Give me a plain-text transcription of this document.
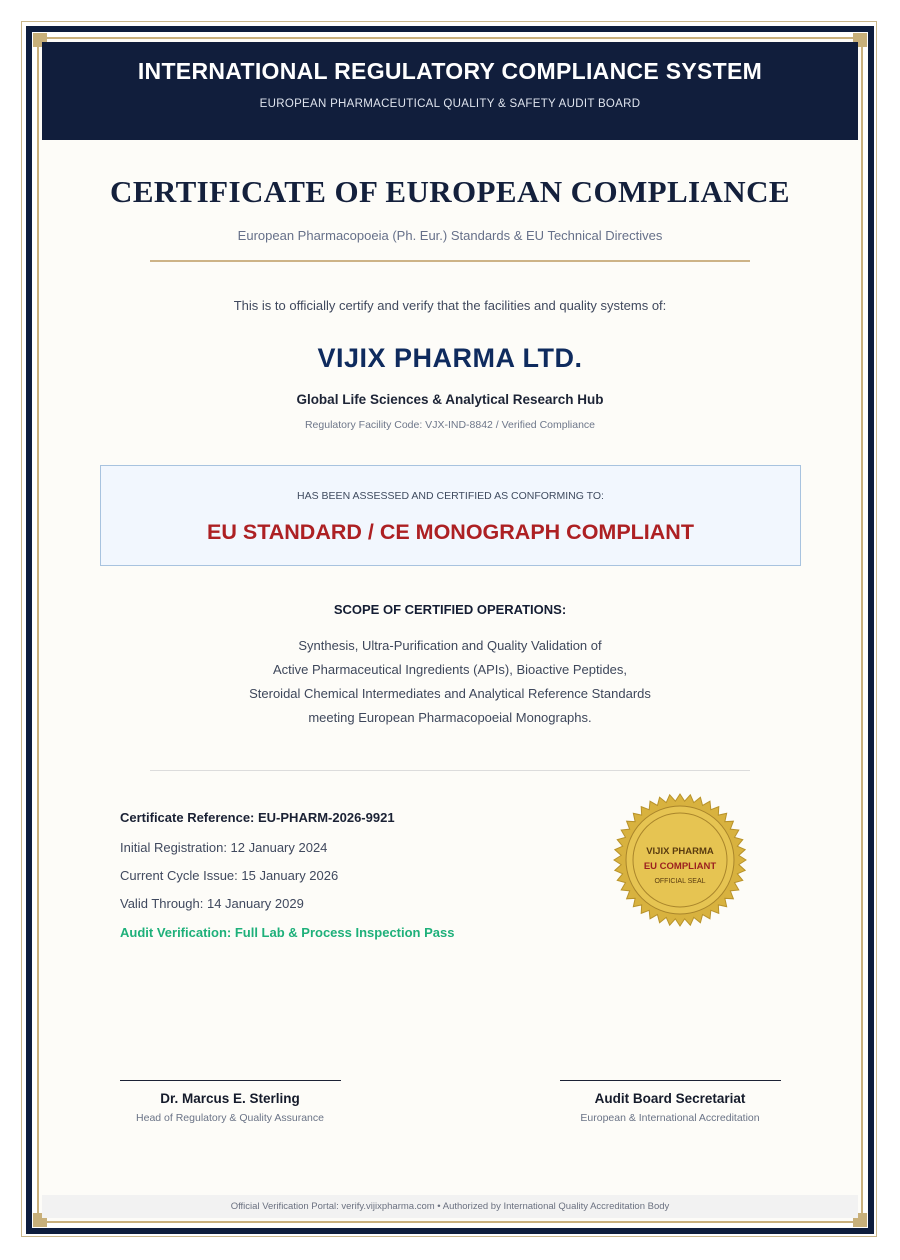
INTERNATIONAL REGULATORY COMPLIANCE SYSTEM
EUROPEAN PHARMACEUTICAL QUALITY & SAFETY AUDIT BOARD
CERTIFICATE OF EUROPEAN COMPLIANCE
European Pharmacopoeia (Ph. Eur.) Standards & EU Technical Directives
This is to officially certify and verify that the facilities and quality systems of:
VIJIX PHARMA LTD.
Global Life Sciences & Analytical Research Hub
Regulatory Facility Code: VJX-IND-8842 / Verified Compliance
HAS BEEN ASSESSED AND CERTIFIED AS CONFORMING TO:
EU STANDARD / CE MONOGRAPH COMPLIANT
SCOPE OF CERTIFIED OPERATIONS:
Synthesis, Ultra-Purification and Quality Validation of
Active Pharmaceutical Ingredients (APIs), Bioactive Peptides,
Steroidal Chemical Intermediates and Analytical Reference Standards
meeting European Pharmacopoeial Monographs.
Certificate Reference: EU-PHARM-2026-9921
Initial Registration: 12 January 2024
Current Cycle Issue: 15 January 2026
Valid Through: 14 January 2029
Audit Verification: Full Lab & Process Inspection Pass
VIJIX PHARMA
EU COMPLIANT
OFFICIAL SEAL
Dr. Marcus E. Sterling
Head of Regulatory & Quality Assurance
Audit Board Secretariat
European & International Accreditation
Official Verification Portal: verify.vijixpharma.com • Authorized by International Quality Accreditation Body
